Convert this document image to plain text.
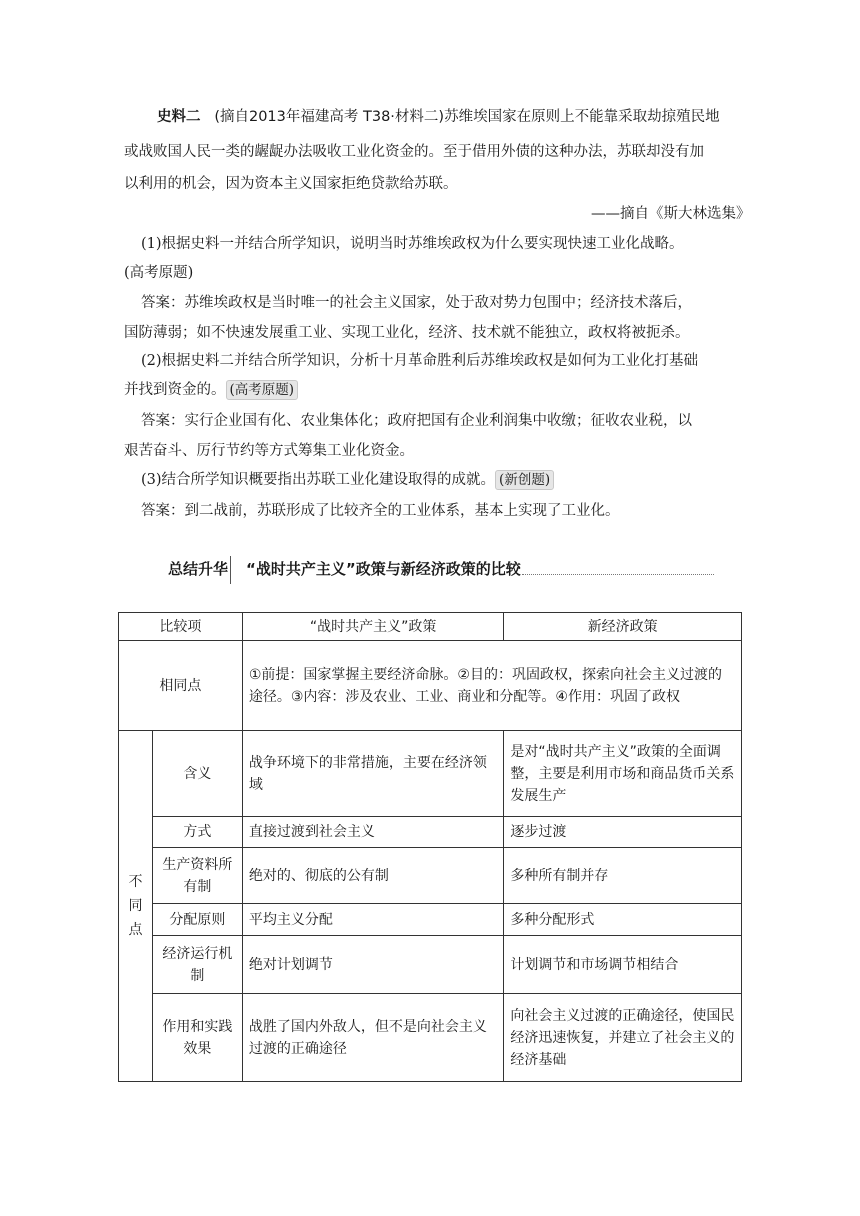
史料二 (摘自2013年福建高考 T38·材料二)苏维埃国家在原则上不能靠采取劫掠殖民地
或战败国人民一类的龌龊办法吸收工业化资金的。至于借用外债的这种办法，苏联却没有加
以利用的机会，因为资本主义国家拒绝贷款给苏联。
——摘自《斯大林选集》
(1)根据史料一并结合所学知识，说明当时苏维埃政权为什么要实现快速工业化战略。
(高考原题)
答案：苏维埃政权是当时唯一的社会主义国家，处于敌对势力包围中；经济技术落后，
国防薄弱；如不快速发展重工业、实现工业化，经济、技术就不能独立，政权将被扼杀。
(2)根据史料二并结合所学知识，分析十月革命胜利后苏维埃政权是如何为工业化打基础
并找到资金的。 (高考原题)
答案：实行企业国有化、农业集体化；政府把国有企业利润集中收缴；征收农业税，以
艰苦奋斗、厉行节约等方式筹集工业化资金。
(3)结合所学知识概要指出苏联工业化建设取得的成就。 (新创题)
答案：到二战前，苏联形成了比较齐全的工业体系，基本上实现了工业化。
总结升华 “战时共产主义”政策与新经济政策的比较
比较项		“战时共产主义”政策	新经济政策
相同点		①前提：国家掌握主要经济命脉。②目的：巩固政权，探索向社会主义过渡的途径。③内容：涉及农业、工业、商业和分配等。④作用：巩固了政权	

不
同
点	含义	战争环境下的非常措施，主要在经济领域	是对“战时共产主义”政策的全面调整，主要是利用市场和商品货币关系发展生产
	方式	直接过渡到社会主义	逐步过渡
	生产资料所有制	绝对的、彻底的公有制	多种所有制并存
	分配原则	平均主义分配	多种分配形式
	经济运行机制	绝对计划调节	计划调节和市场调节相结合
	作用和实践效果	战胜了国内外敌人，但不是向社会主义过渡的正确途径	向社会主义过渡的正确途径，使国民经济迅速恢复，并建立了社会主义的经济基础
